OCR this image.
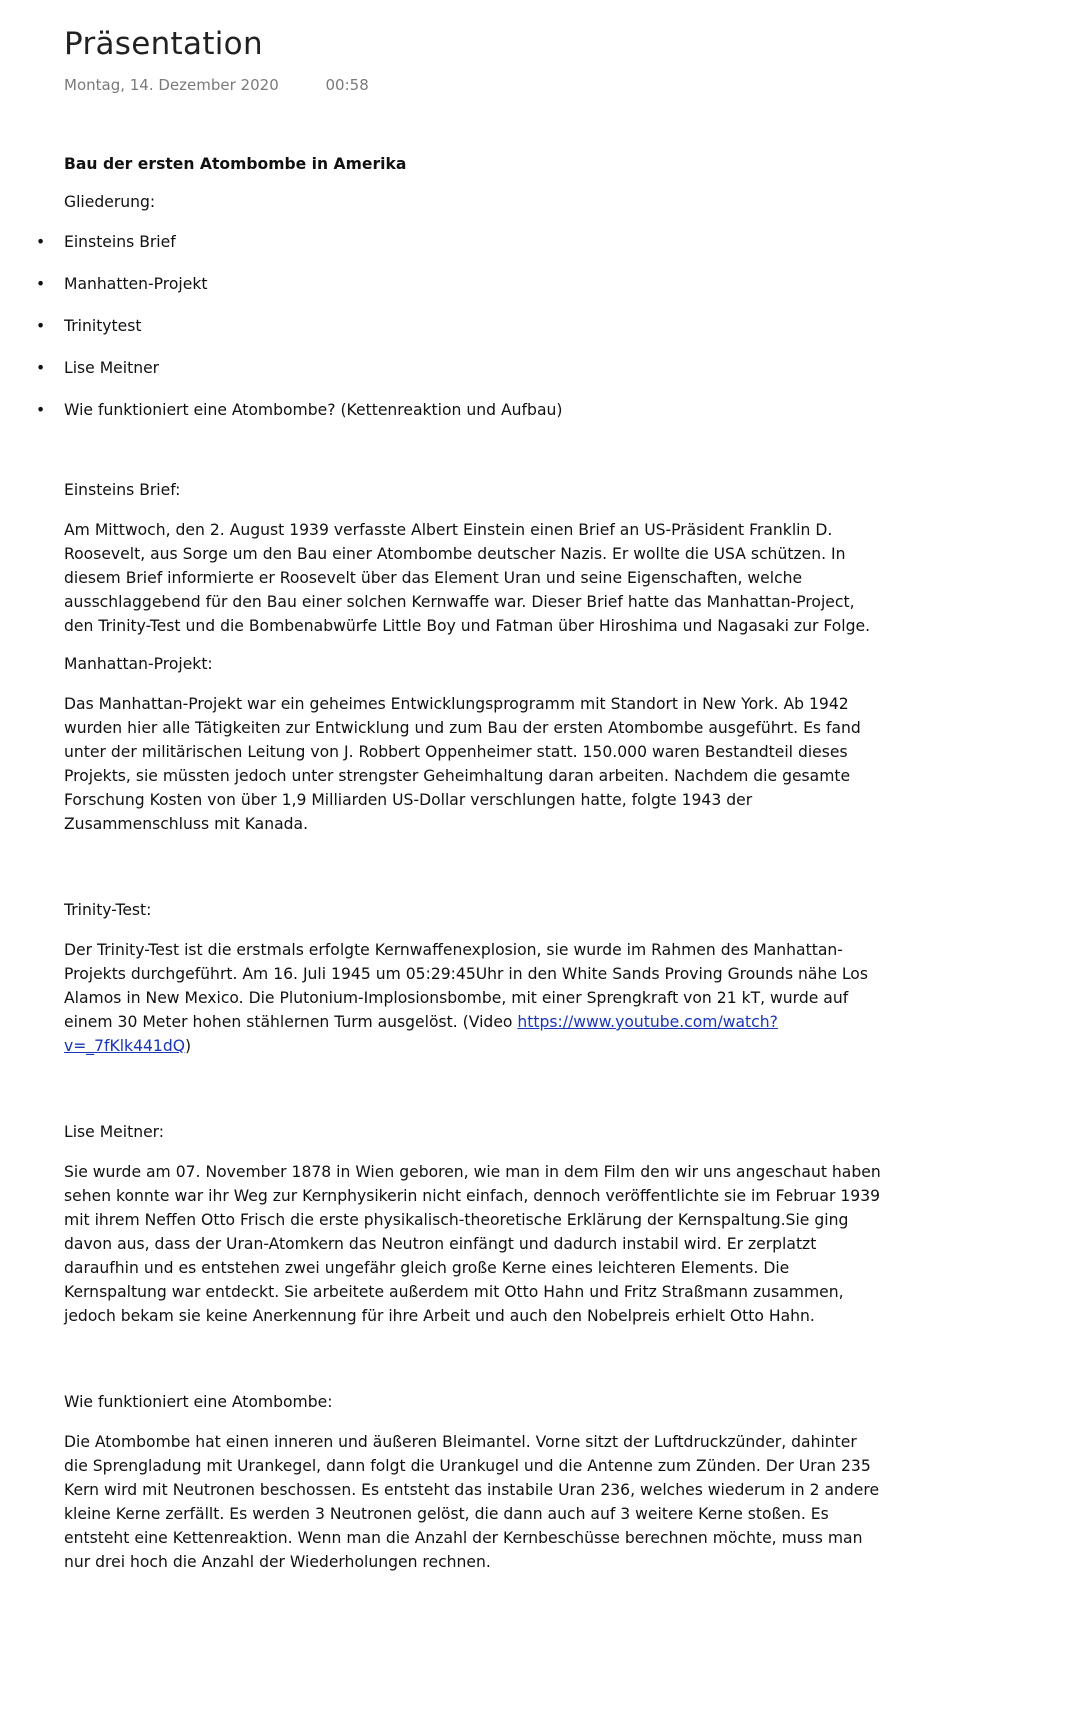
Präsentation
Montag, 14. Dezember 2020	00:58
Bau der ersten Atombombe in Amerika
Gliederung:
• Einsteins Brief
• Manhatten-Projekt
• Trinitytest
• Lise Meitner
• Wie funktioniert eine Atombombe? (Kettenreaktion und Aufbau)
Einsteins Brief:
Am Mittwoch, den 2. August 1939 verfasste Albert Einstein einen Brief an US-Präsident Franklin D. Roosevelt, aus Sorge um den Bau einer Atombombe deutscher Nazis. Er wollte die USA schützen. In diesem Brief informierte er Roosevelt über das Element Uran und seine Eigenschaften, welche ausschlaggebend für den Bau einer solchen Kernwaffe war. Dieser Brief hatte das Manhattan-Project, den Trinity-Test und die Bombenabwürfe Little Boy und Fatman über Hiroshima und Nagasaki zur Folge.
Manhattan-Projekt:
Das Manhattan-Projekt war ein geheimes Entwicklungsprogramm mit Standort in New York. Ab 1942 wurden hier alle Tätigkeiten zur Entwicklung und zum Bau der ersten Atombombe ausgeführt. Es fand unter der militärischen Leitung von J. Robbert Oppenheimer statt. 150.000 waren Bestandteil dieses Projekts, sie müssten jedoch unter strengster Geheimhaltung daran arbeiten. Nachdem die gesamte Forschung Kosten von über 1,9 Milliarden US-Dollar verschlungen hatte, folgte 1943 der Zusammenschluss mit Kanada.
Trinity-Test:
Der Trinity-Test ist die erstmals erfolgte Kernwaffenexplosion, sie wurde im Rahmen des Manhattan-Projekts durchgeführt. Am 16. Juli 1945 um 05:29:45Uhr in den White Sands Proving Grounds nähe Los Alamos in New Mexico. Die Plutonium-Implosionsbombe, mit einer Sprengkraft von 21 kT, wurde auf einem 30 Meter hohen stählernen Turm ausgelöst. (Video https://www.youtube.com/watch?v=_7fKlk441dQ)
Lise Meitner:
Sie wurde am 07. November 1878 in Wien geboren, wie man in dem Film den wir uns angeschaut haben sehen konnte war ihr Weg zur Kernphysikerin nicht einfach, dennoch veröffentlichte sie im Februar 1939 mit ihrem Neffen Otto Frisch die erste physikalisch-theoretische Erklärung der Kernspaltung.Sie ging davon aus, dass der Uran-Atomkern das Neutron einfängt und dadurch instabil wird. Er zerplatzt daraufhin und es entstehen zwei ungefähr gleich große Kerne eines leichteren Elements. Die Kernspaltung war entdeckt. Sie arbeitete außerdem mit Otto Hahn und Fritz Straßmann zusammen, jedoch bekam sie keine Anerkennung für ihre Arbeit und auch den Nobelpreis erhielt Otto Hahn.
Wie funktioniert eine Atombombe:
Die Atombombe hat einen inneren und äußeren Bleimantel. Vorne sitzt der Luftdruckzünder, dahinter die Sprengladung mit Urankegel, dann folgt die Urankugel und die Antenne zum Zünden. Der Uran 235 Kern wird mit Neutronen beschossen. Es entsteht das instabile Uran 236, welches wiederum in 2 andere kleine Kerne zerfällt. Es werden 3 Neutronen gelöst, die dann auch auf 3 weitere Kerne stoßen. Es entsteht eine Kettenreaktion. Wenn man die Anzahl der Kernbeschüsse berechnen möchte, muss man nur drei hoch die Anzahl der Wiederholungen rechnen.
